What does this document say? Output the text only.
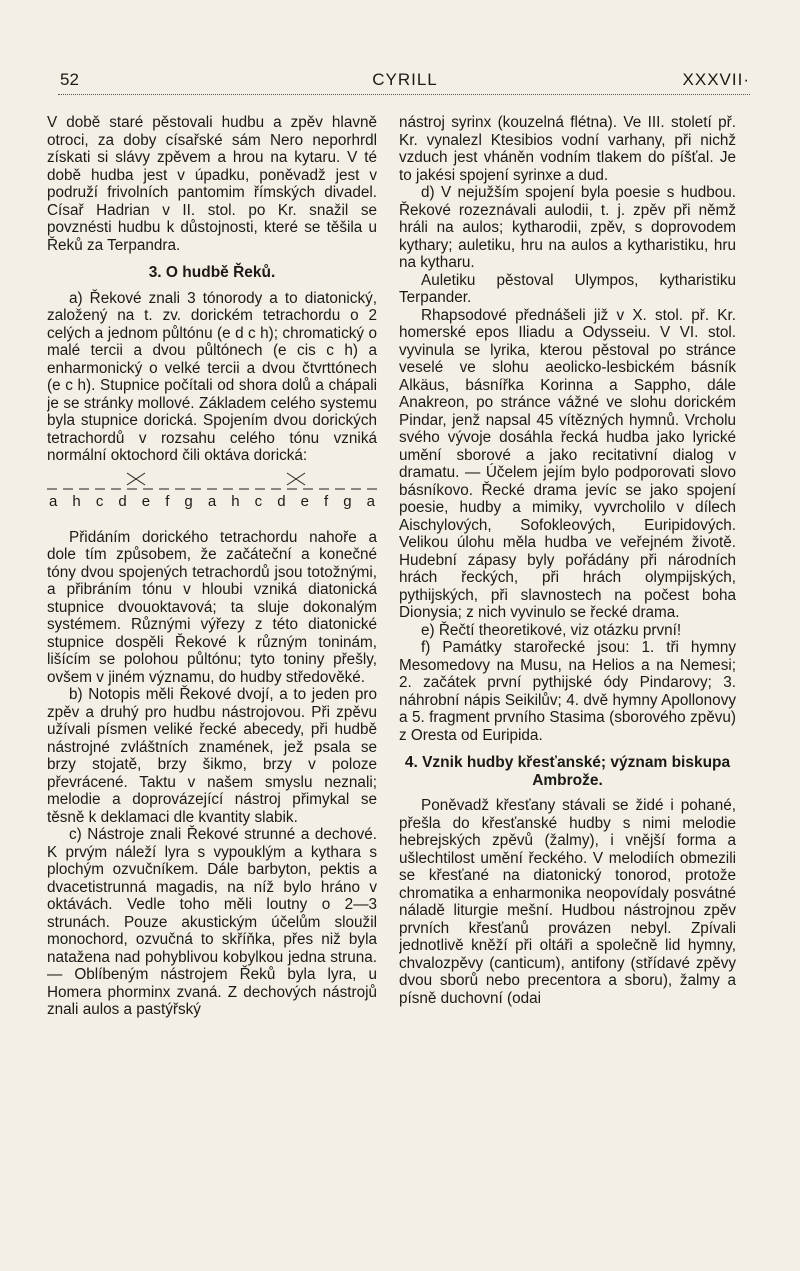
52	CYRILL	XXXVII·

V době staré pěstovali hudbu a zpěv hlavně otroci, za doby císařské sám Nero neporhrdl získati si slávy zpěvem a hrou na kytaru. V té době hudba jest v úpadku, poněvadž jest v podruží frivolních pantomim římských divadel. Císař Hadrian v II. stol. po Kr. snažil se povznésti hudbu k důstojnosti, které se těšila u Řeků za Terpandra.

3. O hudbě Řeků.

a) Řekové znali 3 tónorody a to diatonický, založený na t. zv. dorickém tetrachordu o 2 celých a jednom půltónu (e d c h); chromatický o malé tercii a dvou půltónech (e cis c h) a enharmonický o velké tercii a dvou čtvrttónech (e c h). Stupnice počítali od shora dolů a chápali je se stránky mollové. Základem celého systemu byla stupnice dorická. Spojením dvou dorických tetrachordů v rozsahu celého tónu vzniká normální oktochord čili oktáva dorická:

a h c d e f g a h c d e f g a

Přidáním dorického tetrachordu nahoře a dole tím způsobem, že začáteční a konečné tóny dvou spojených tetrachordů jsou totožnými, a přibráním tónu v hloubi vzniká diatonická stupnice dvouoktavová; ta sluje dokonalým systémem. Různými výřezy z této diatonické stupnice dospěli Řekové k různým toninám, lišícím se polohou půltónu; tyto toniny přešly, ovšem v jiném významu, do hudby středověké.

b) Notopis měli Řekové dvojí, a to jeden pro zpěv a druhý pro hudbu nástrojovou. Při zpěvu užívali písmen veliké řecké abecedy, při hudbě nástrojné zvláštních znamének, jež psala se brzy stojatě, brzy šikmo, brzy v poloze převrácené. Taktu v našem smyslu neznali; melodie a doprovázející nástroj přimykal se těsně k deklamaci dle kvantity slabik.

c) Nástroje znali Řekové strunné a dechové. K prvým náleží lyra s vypouklým a kythara s plochým ozvučníkem. Dále barbyton, pektis a dvacetistrunná magadis, na níž bylo hráno v oktávách. Vedle toho měli loutny o 2—3 strunách. Pouze akustickým účelům sloužil monochord, ozvučná to skříňka, přes niž byla natažena nad pohyblivou kobylkou jedna struna. — Oblíbeným nástrojem Řeků byla lyra, u Homera phorminx zvaná. Z dechových nástrojů znali aulos a pastýřský

nástroj syrinx (kouzelná flétna). Ve III. století př. Kr. vynalezl Ktesibios vodní varhany, při nichž vzduch jest vháněn vodním tlakem do píšťal. Je to jakési spojení syrinxe a dud.

d) V nejužším spojení byla poesie s hudbou. Řekové rozeznávali aulodii, t. j. zpěv při němž hráli na aulos; kytharodii, zpěv, s doprovodem kythary; auletiku, hru na aulos a kytharistiku, hru na kytharu.

Auletiku pěstoval Ulympos, kytharistiku Terpander.

Rhapsodové přednášeli již v X. stol. př. Kr. homerské epos Iliadu a Odysseiu. V VI. stol. vyvinula se lyrika, kterou pěstoval po stránce veselé ve slohu aeolicko-lesbickém básník Alkäus, básnířka Korinna a Sappho, dále Anakreon, po stránce vážné ve slohu dorickém Pindar, jenž napsal 45 vítězných hymnů. Vrcholu svého vývoje dosáhla řecká hudba jako lyrické umění sborové a jako recitativní dialog v dramatu. — Účelem jejím bylo podporovati slovo básníkovo. Řecké drama jevíc se jako spojení poesie, hudby a mimiky, vyvrcholilo v dílech Aischylových, Sofokleových, Euripidových. Velikou úlohu měla hudba ve veřejném životě. Hudební zápasy byly pořádány při národních hrách řeckých, při hrách olympijských, pythijských, při slavnostech na počest boha Dionysia; z nich vyvinulo se řecké drama.

e) Řečtí theoretikové, viz otázku první!

f) Památky starořecké jsou: 1. tři hymny Mesomedovy na Musu, na Helios a na Nemesi; 2. začátek první pythijské ódy Pindarovy; 3. náhrobní nápis Seikilův; 4. dvě hymny Apollonovy a 5. fragment prvního Stasima (sborového zpěvu) z Oresta od Euripida.

4. Vznik hudby křesťanské; význam biskupa Ambrože.

Poněvadž křesťany stávali se židé i pohané, přešla do křesťanské hudby s nimi melodie hebrejských zpěvů (žalmy), i vnější forma a ušlechtilost umění řeckého. V melodiích obmezili se křesťané na diatonický tonorod, protože chromatika a enharmonika neopovídaly posvátné náladě liturgie mešní. Hudbou nástrojnou zpěv prvních křesťanů provázen nebyl. Zpívali jednotlivě kněží při oltáři a společně lid hymny, chvalozpěvy (canticum), antifony (střídavé zpěvy dvou sborů nebo precentora a sboru), žalmy a písně duchovní (odai
